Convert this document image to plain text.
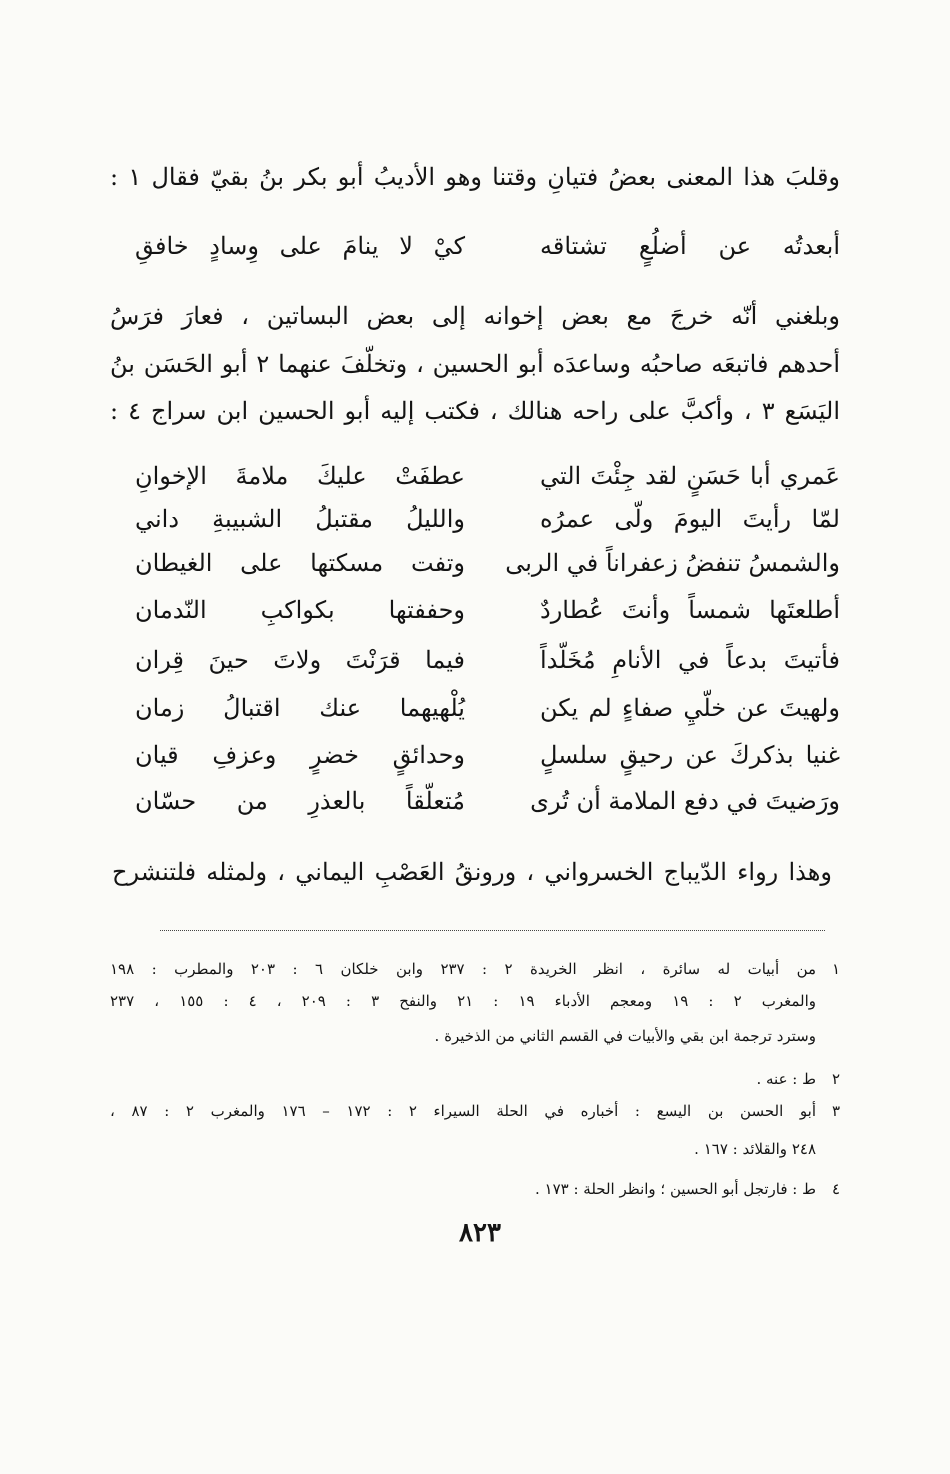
وقلبَ هذا المعنى بعضُ فتيانِ وقتنا وهو الأديبُ أبو بكر بنُ بقيّ فقال ١ :
أبعدتُه عن أضلُعٍ تشتاقه
كيْ لا ينامَ على وِسادٍ خافقِ
وبلغني أنّه خرجَ مع بعض إخوانه إلى بعض البساتين ، فعارَ فرَسُ
أحدهم فاتبعَه صاحبُه وساعدَه أبو الحسين ، وتخلّفَ عنهما ٢ أبو الحَسَن بنُ
اليَسَع ٣ ، وأكبَّ على راحه هنالك ، فكتب إليه أبو الحسين ابن سراج ٤ :
عَمري أبا حَسَنٍ لقد جِئْتَ التي
عطفَتْ عليكَ ملامةَ الإخوانِ
لمّا رأيتَ اليومَ ولّى عمرُه
والليلُ مقتبلُ الشبيبةِ داني
والشمسُ تنفضُ زعفراناً في الربى
وتفت مسكتها على الغيطان
أطلعتَها شمساً وأنتَ عُطاردٌ
وحففتها بكواكبِ النّدمان
فأتيتَ بدعاً في الأنامِ مُخَلّداً
فيما قرَنْتَ ولاتَ حينَ قِران
ولهيتَ عن خلّيِ صفاءٍ لم يكن
يُلْهيهما عنك اقتبالُ زمان
غنيا بذكركَ عن رحيقٍ سلسلٍ
وحدائقٍ خضرٍ وعزفِ قيان
ورَضيتَ في دفع الملامة أن تُرى
مُتعلّقاً بالعذرِ من حسّان
وهذا رواء الدّيباج الخسرواني ، ورونقُ العَصْبِ اليماني ، ولمثله فلتنشرح
١
من أبيات له سائرة ، انظر الخريدة ٢ : ٢٣٧ وابن خلكان ٦ : ٢٠٣ والمطرب : ١٩٨
والمغرب ٢ : ١٩ ومعجم الأدباء ١٩ : ٢١ والنفح ٣ : ٢٠٩ ، ٤ : ١٥٥ ، ٢٣٧
وسترد ترجمة ابن بقي والأبيات في القسم الثاني من الذخيرة .
٢
ط : عنه .
٣
أبو الحسن بن اليسع : أخباره في الحلة السيراء ٢ : ١٧٢ – ١٧٦ والمغرب ٢ : ٨٧ ،
٢٤٨ والقلائد : ١٦٧ .
٤
ط : فارتجل أبو الحسين ؛ وانظر الحلة : ١٧٣ .
٨٢٣
